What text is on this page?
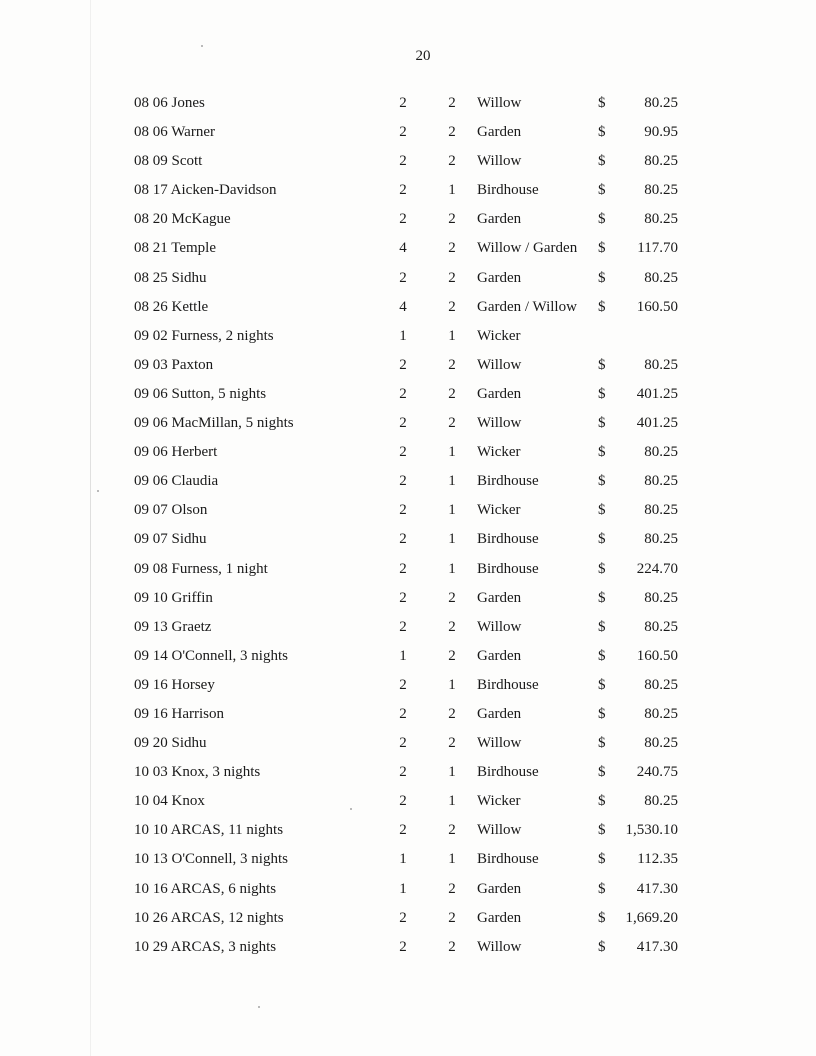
20
08 06 Jones	2	2 Willow	$	80.25
08 06 Warner	2	2 Garden	$	90.95
08 09 Scott	2	2 Willow	$	80.25
08 17 Aicken-Davidson	2	1 Birdhouse	$	80.25
08 20 McKague	2	2 Garden	$	80.25
08 21 Temple	4	2 Willow / Garden $	117.70
08 25 Sidhu	2	2 Garden	$	80.25
08 26 Kettle	4	2 Garden / Willow $	160.50
09 02 Furness, 2 nights	1	1 Wicker
09 03 Paxton	2	2 Willow	$	80.25
09 06 Sutton, 5 nights	2	2 Garden	$	401.25
09 06 MacMillan, 5 nights	2	2 Willow	$	401.25
09 06 Herbert	2	1 Wicker	$	80.25
09 06 Claudia	2	1 Birdhouse	$	80.25
09 07 Olson	2	1 Wicker	$	80.25
09 07 Sidhu	2	1 Birdhouse	$	80.25
09 08 Furness, 1 night	2	1 Birdhouse	$	224.70
09 10 Griffin	2	2 Garden	$	80.25
09 13 Graetz	2	2 Willow	$	80.25
09 14 O'Connell, 3 nights	1	2 Garden	$	160.50
09 16 Horsey	2	1 Birdhouse	$	80.25
09 16 Harrison	2	2 Garden	$	80.25
09 20 Sidhu	2	2 Willow	$	80.25
10 03 Knox, 3 nights	2	1 Birdhouse	$	240.75
10 04 Knox	2	1 Wicker	$	80.25
10 10 ARCAS, 11 nights	2	2 Willow	$	1,530.10
10 13 O'Connell, 3 nights	1	1 Birdhouse	$	112.35
10 16 ARCAS, 6 nights	1	2 Garden	$	417.30
10 26 ARCAS, 12 nights	2	2 Garden	$	1,669.20
10 29 ARCAS, 3 nights	2	2 Willow	$	417.30
